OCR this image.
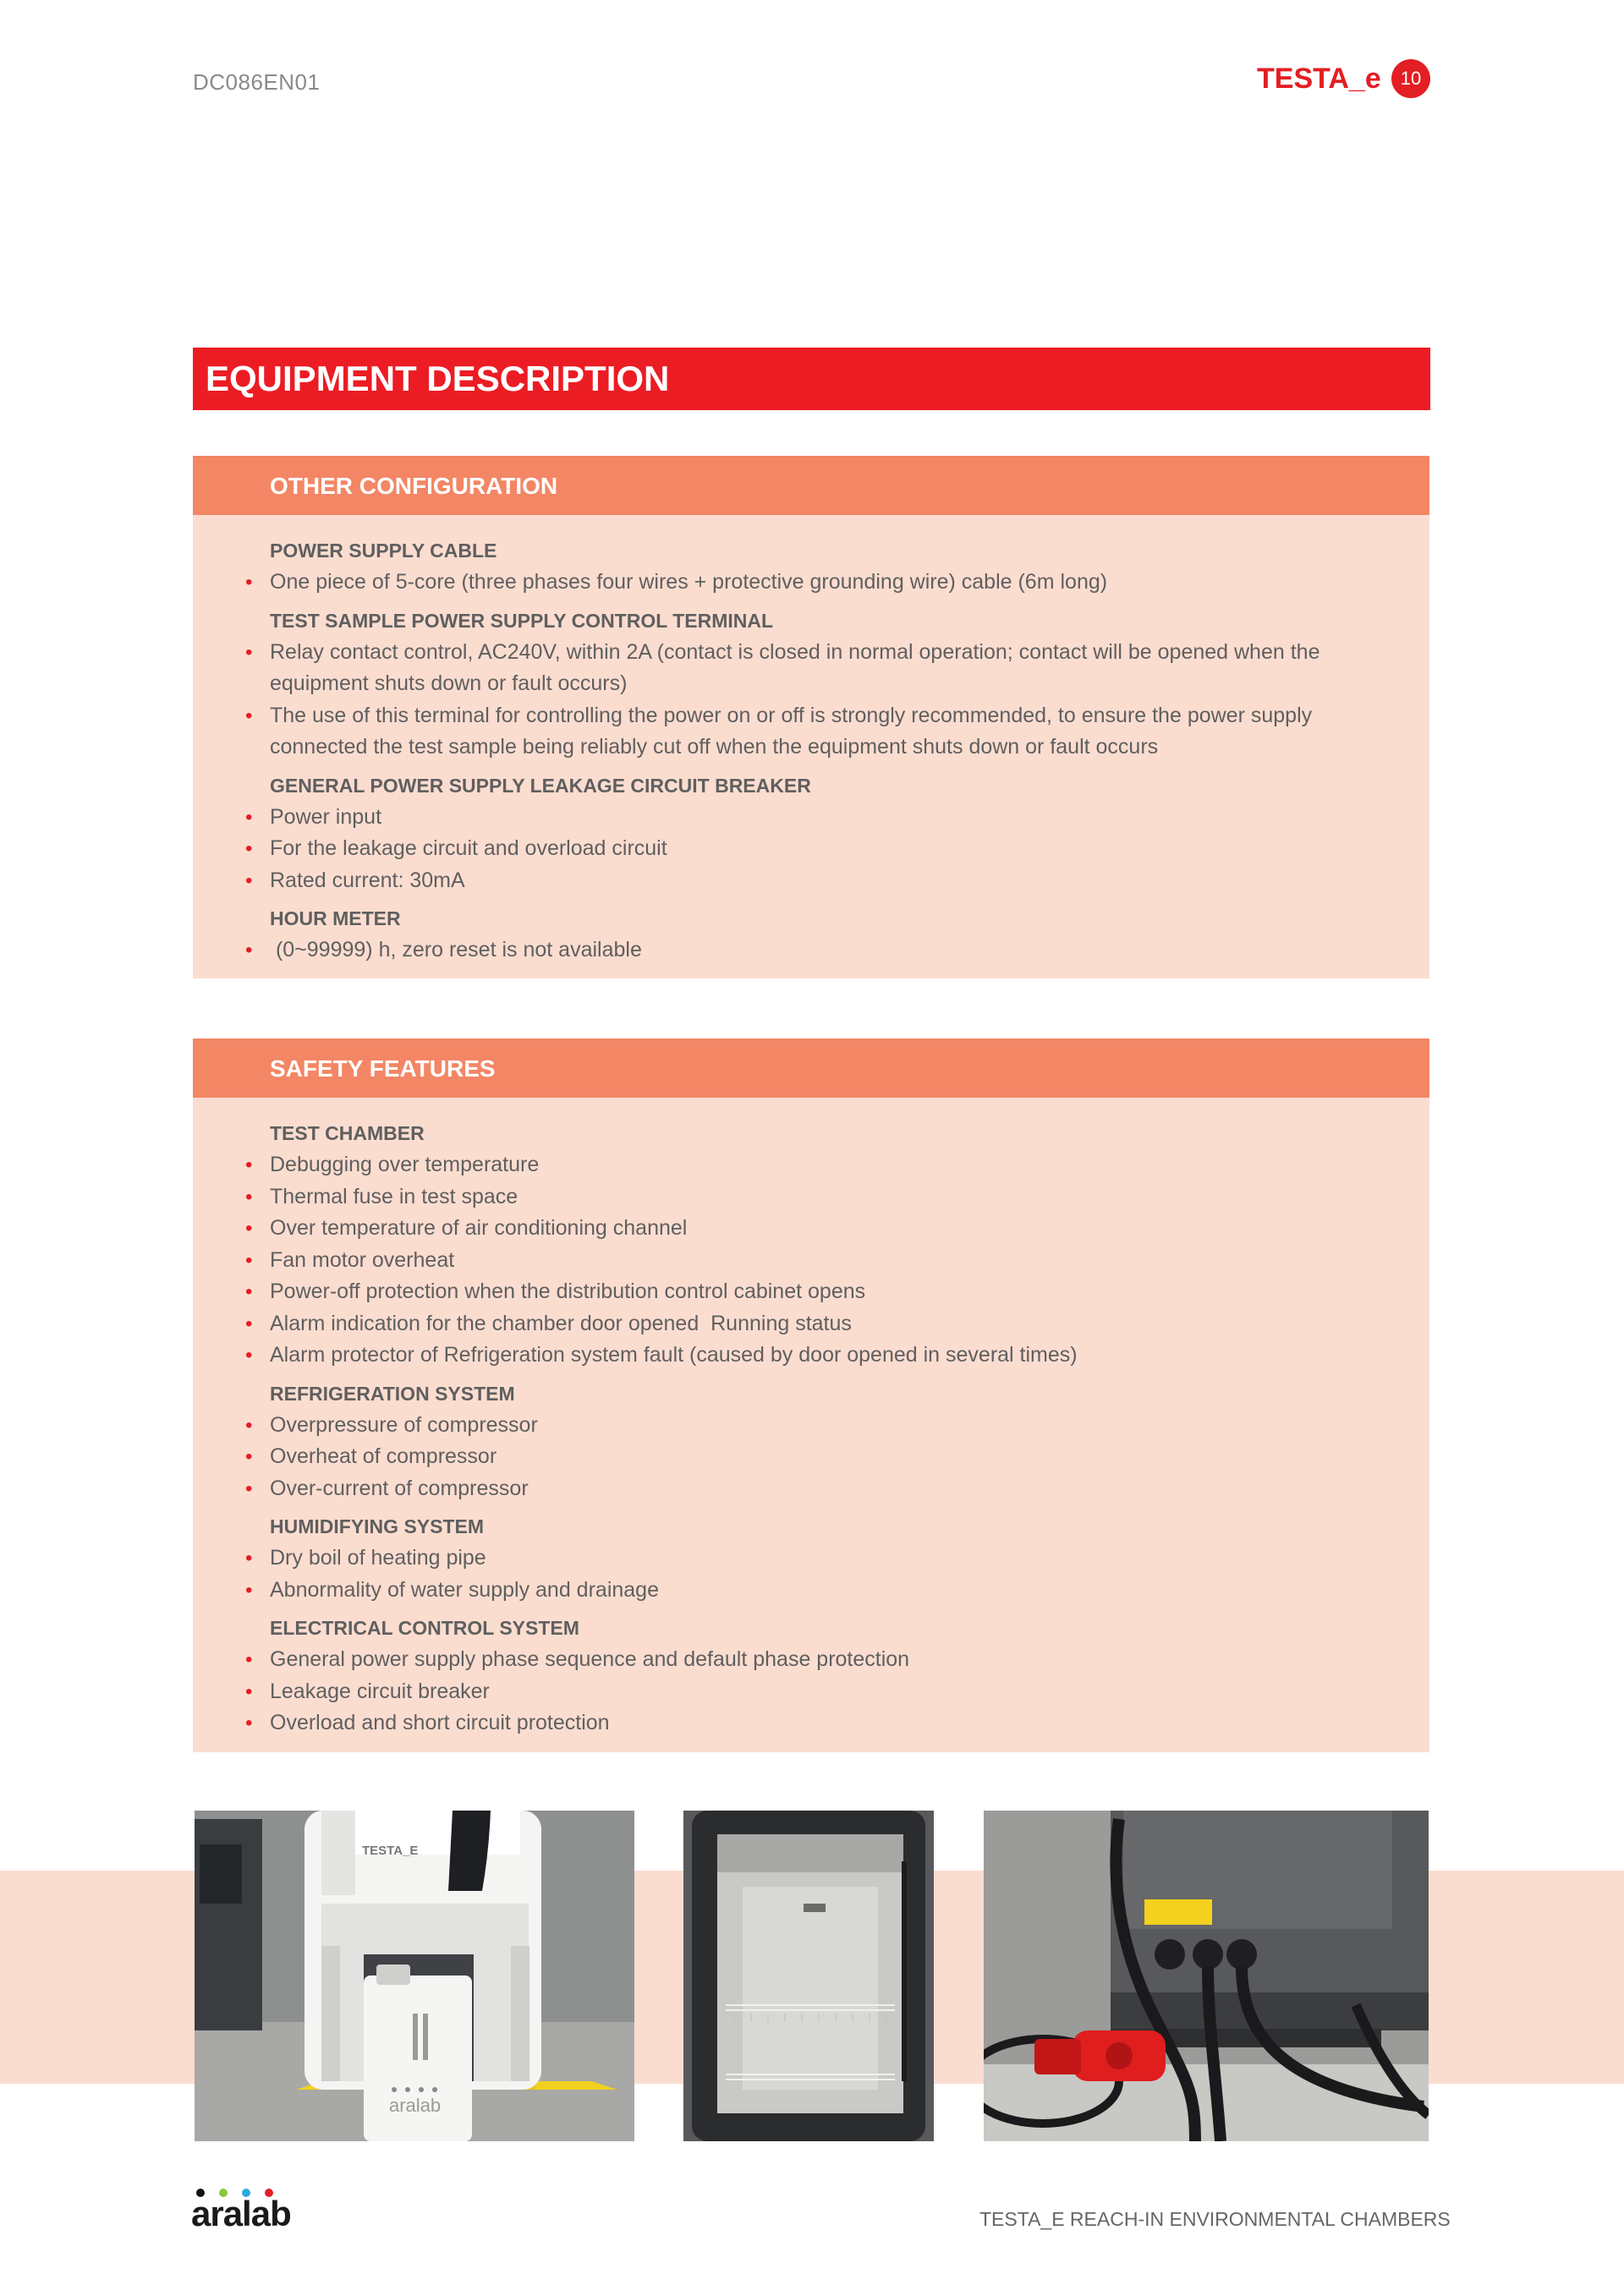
DC086EN01	TESTA_e	10
EQUIPMENT DESCRIPTION
OTHER CONFIGURATION
POWER SUPPLY CABLE
• One piece of 5-core (three phases four wires + protective grounding wire) cable (6m long)
TEST SAMPLE POWER SUPPLY CONTROL TERMINAL
• Relay contact control, AC240V, within 2A (contact is closed in normal operation; contact will be opened when the equipment shuts down or fault occurs)
• The use of this terminal for controlling the power on or off is strongly recommended, to ensure the power supply connected the test sample being reliably cut off when the equipment shuts down or fault occurs
GENERAL POWER SUPPLY LEAKAGE CIRCUIT BREAKER
• Power input
• For the leakage circuit and overload circuit
• Rated current: 30mA
HOUR METER
•  (0~99999) h, zero reset is not available
SAFETY FEATURES
TEST CHAMBER
• Debugging over temperature
• Thermal fuse in test space
• Over temperature of air conditioning channel
• Fan motor overheat
• Power-off protection when the distribution control cabinet opens
• Alarm indication for the chamber door opened  Running status
• Alarm protector of Refrigeration system fault (caused by door opened in several times)
REFRIGERATION SYSTEM
• Overpressure of compressor
• Overheat of compressor
• Over-current of compressor
HUMIDIFYING SYSTEM
• Dry boil of heating pipe
• Abnormality of water supply and drainage
ELECTRICAL CONTROL SYSTEM
• General power supply phase sequence and default phase protection
• Leakage circuit breaker
• Overload and short circuit protection
TESTA_E
aralab
aralab	TESTA_E REACH-IN ENVIRONMENTAL CHAMBERS
